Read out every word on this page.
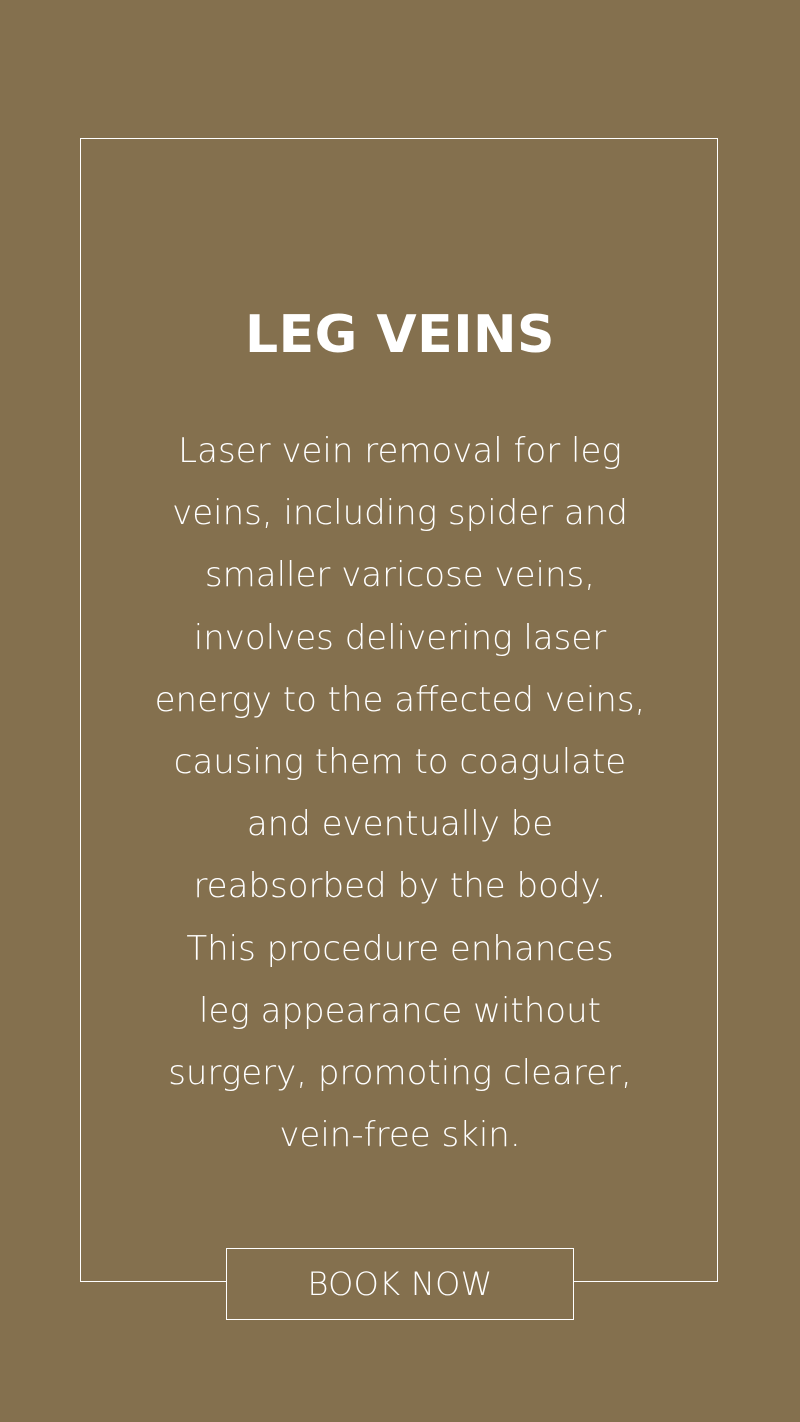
LEG VEINS
Laser vein removal for leg
veins, including spider and
smaller varicose veins,
involves delivering laser
energy to the affected veins,
causing them to coagulate
and eventually be
reabsorbed by the body.
This procedure enhances
leg appearance without
surgery, promoting clearer,
vein-free skin.
BOOK NOW
